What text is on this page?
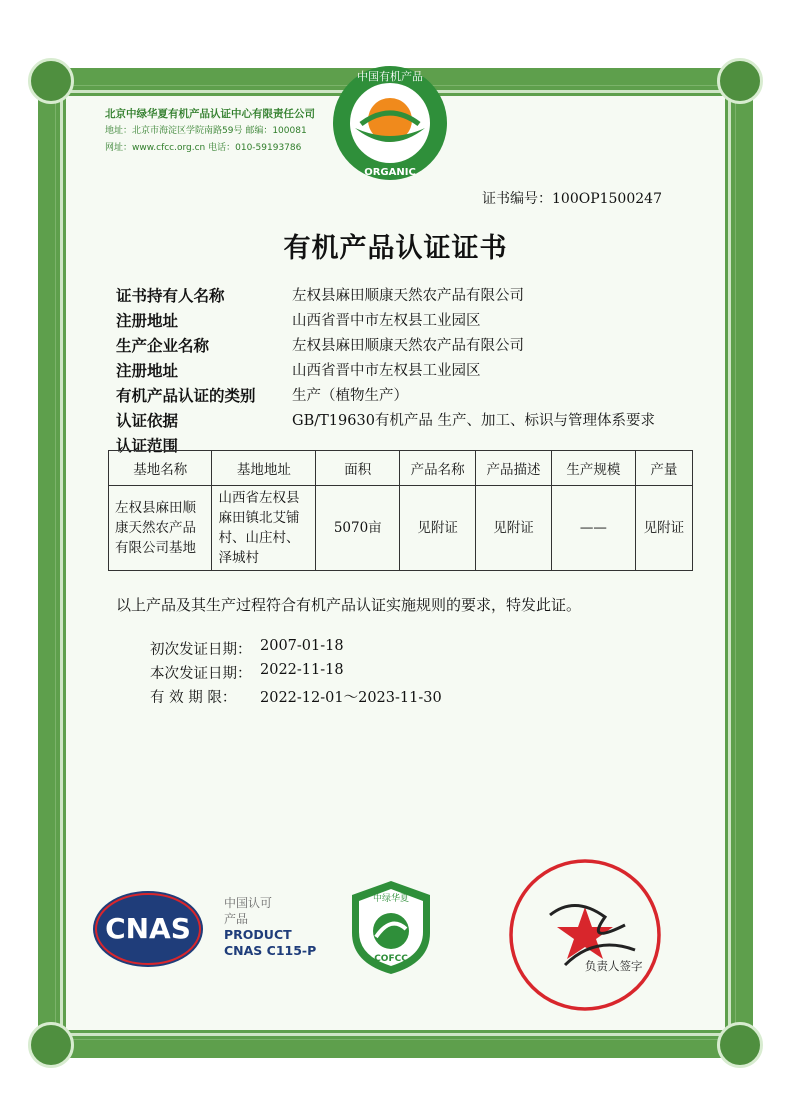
北京中绿华夏有机产品认证中心有限责任公司
地址：北京市海淀区学院南路59号 邮编：100081
网址：www.cfcc.org.cn 电话：010-59193786
中国有机产品
ORGANIC
证书编号：100OP1500247
有机产品认证证书
证书持有人名称	左权县麻田顺康天然农产品有限公司
注册地址	山西省晋中市左权县工业园区
生产企业名称	左权县麻田顺康天然农产品有限公司
注册地址	山西省晋中市左权县工业园区
有机产品认证的类别	生产（植物生产）
认证依据	GB/T19630有机产品 生产、加工、标识与管理体系要求
认证范围
基地名称	基地地址	面积	产品名称	产品描述	生产规模	产量
左权县麻田顺康天然农产品有限公司基地	山西省左权县麻田镇北艾铺村、山庄村、泽城村	5070亩	见附证	见附证	——	见附证
以上产品及其生产过程符合有机产品认证实施规则的要求，特发此证。
初次发证日期： 2007-01-18
本次发证日期： 2022-11-18
有 效 期 限：	2022-12-01～2023-11-30
CNAS
中国认可
产品
PRODUCT
CNAS C115-P
中绿华夏
COFCC	负责人签字
